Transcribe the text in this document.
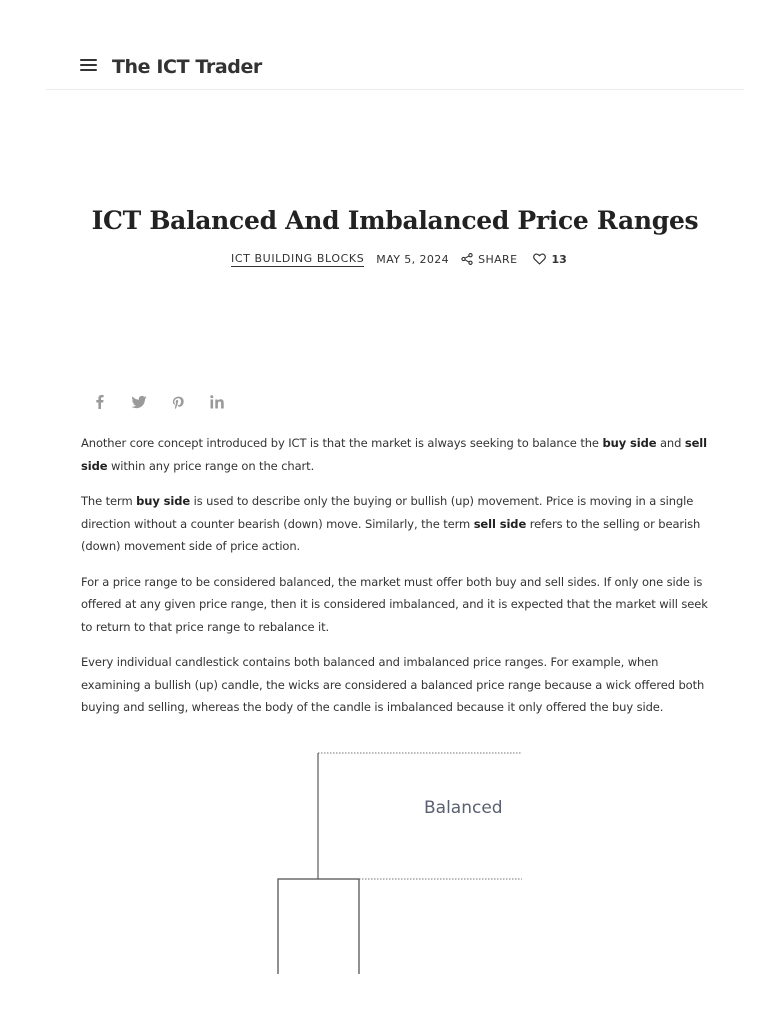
The ICT Trader
ICT Balanced And Imbalanced Price Ranges
ICT BUILDING BLOCKS MAY 5, 2024	SHARE	13

Another core concept introduced by ICT is that the market is always seeking to balance the buy side and sell side within any price range on the chart.

The term buy side is used to describe only the buying or bullish (up) movement. Price is moving in a single direction without a counter bearish (down) move. Similarly, the term sell side refers to the selling or bearish (down) movement side of price action.

For a price range to be considered balanced, the market must offer both buy and sell sides. If only one side is offered at any given price range, then it is considered imbalanced, and it is expected that the market will seek to return to that price range to rebalance it.

Every individual candlestick contains both balanced and imbalanced price ranges. For example, when examining a bullish (up) candle, the wicks are considered a balanced price range because a wick offered both buying and selling, whereas the body of the candle is imbalanced because it only offered the buy side.

Balanced
